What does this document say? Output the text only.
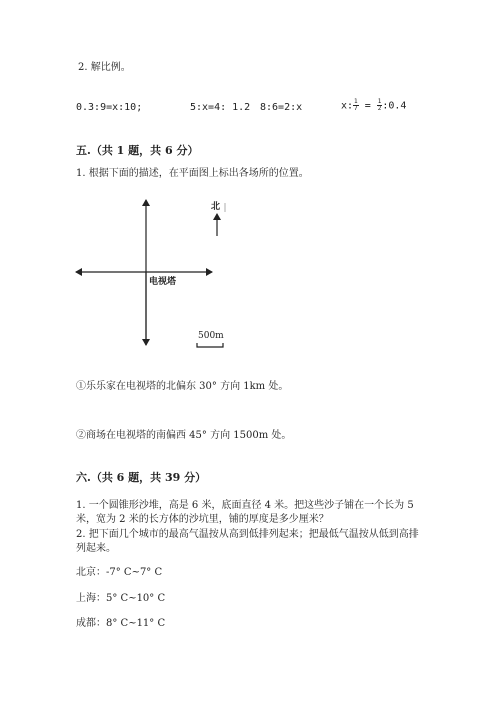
2. 解比例。
0.3:9=x:10;	5:x=4: 1.2 8:6=2:x	x: $\frac{1}{7} = \frac{1}{2}$ :0.4
五.（共 1 题，共 6 分）
1. 根据下面的描述，在平面图上标出各场所的位置。
北
电视塔
500m
①乐乐家在电视塔的北偏东 30° 方向 1km 处。
②商场在电视塔的南偏西 45° 方向 1500m 处。
六.（共 6 题，共 39 分）
1. 一个圆锥形沙堆，高是 6 米，底面直径 4 米。把这些沙子铺在一个长为 5
米，宽为 2 米的长方体的沙坑里，铺的厚度是多少厘米？
2. 把下面几个城市的最高气温按从高到低排列起来；把最低气温按从低到高排
列起来。
北京：-7° C~7° C
上海：5° C~10° C
成都：8° C~11° C
